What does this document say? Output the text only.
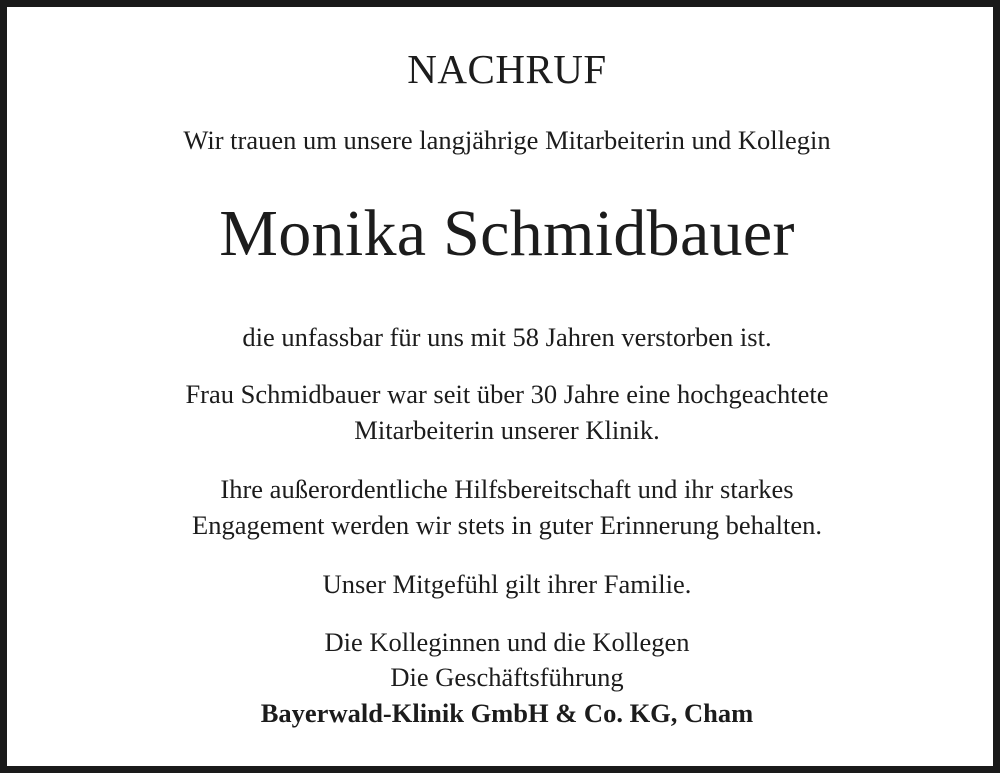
NACHRUF
Wir trauen um unsere langjährige Mitarbeiterin und Kollegin
Monika Schmidbauer
die unfassbar für uns mit 58 Jahren verstorben ist.
Frau Schmidbauer war seit über 30 Jahre eine hochgeachtete
Mitarbeiterin unserer Klinik.
Ihre außerordentliche Hilfsbereitschaft und ihr starkes
Engagement werden wir stets in guter Erinnerung behalten.
Unser Mitgefühl gilt ihrer Familie.
Die Kolleginnen und die Kollegen
Die Geschäftsführung
Bayerwald-Klinik GmbH & Co. KG, Cham
